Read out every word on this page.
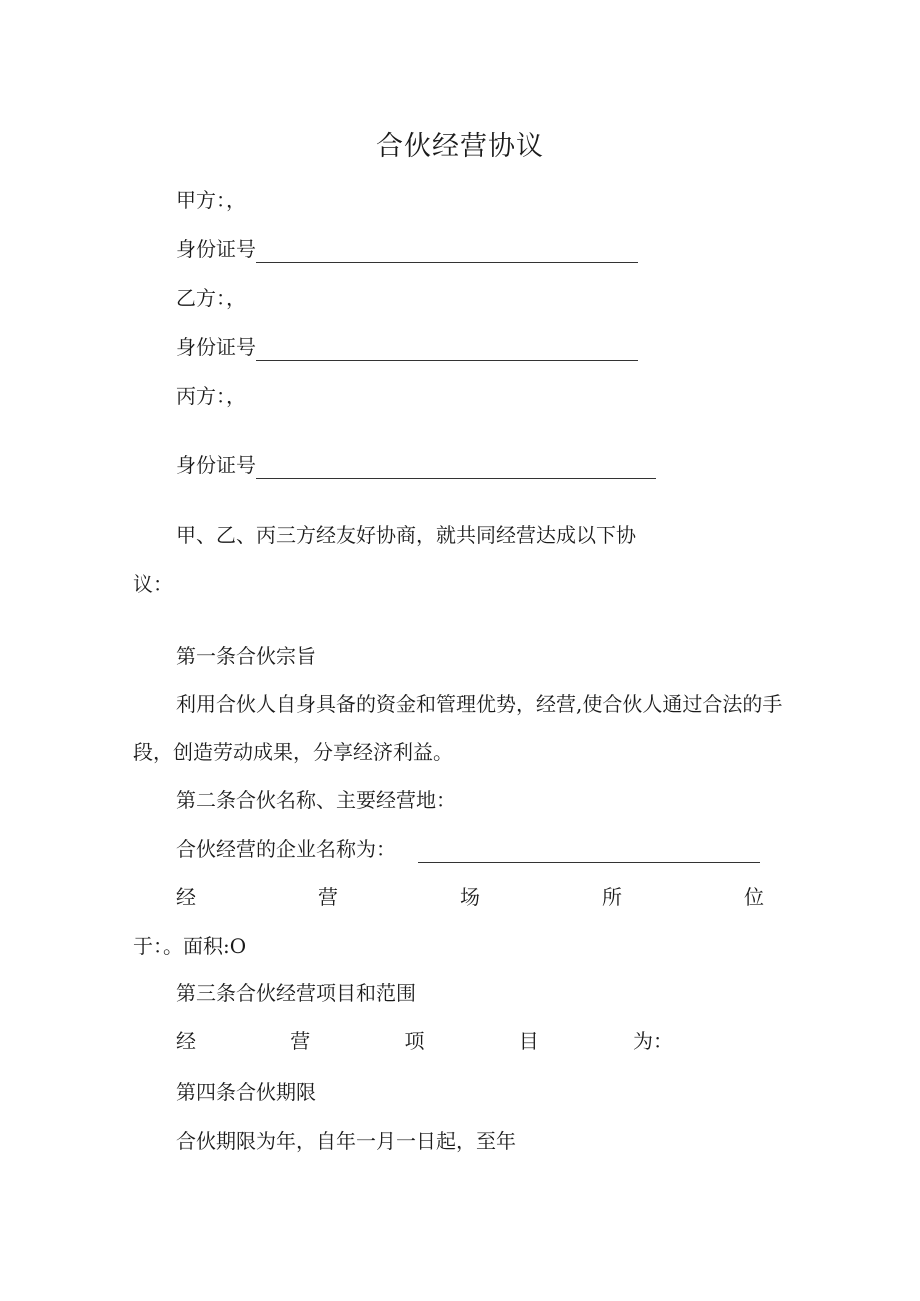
合伙经营协议

甲方：，

身份证号

乙方：，

身份证号

丙方：，

身份证号

甲、乙、丙三方经友好协商，就共同经营达成以下协

议：

第一条合伙宗旨

利用合伙人自身具备的资金和管理优势，经营,使合伙人通过合法的手

段，创造劳动成果，分享经济利益。

第二条合伙名称、主要经营地：

合伙经营的企业名称为：

经	营	场	所	位

于：。面积:O

第三条合伙经营项目和范围

经	营	项	目	为：

第四条合伙期限

合伙期限为年，自年一月一日起，至年
